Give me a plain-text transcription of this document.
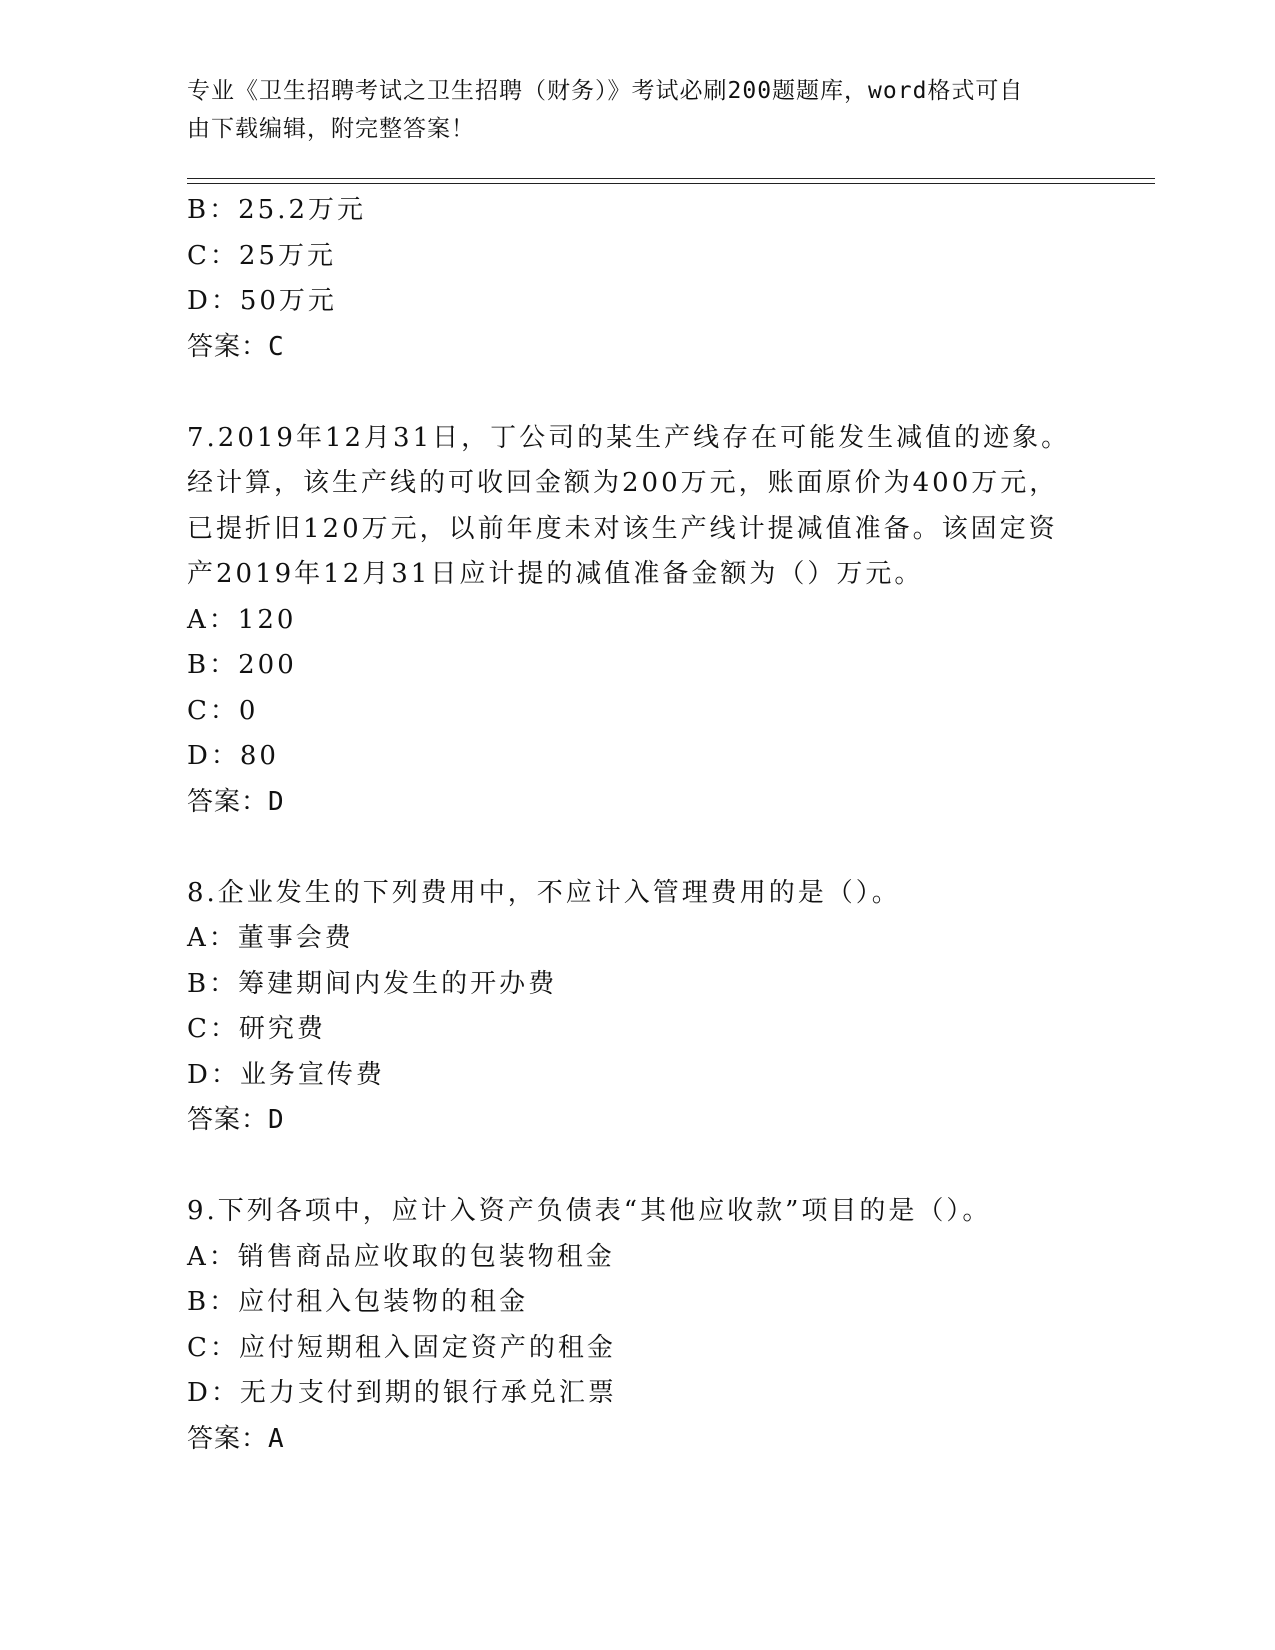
专业《卫生招聘考试之卫生招聘（财务）》考试必刷200题题库，word格式可自
由下载编辑，附完整答案！
B：25.2万元
C：25万元
D：50万元
答案：C
7.2019年12月31日，丁公司的某生产线存在可能发生减值的迹象。
经计算，该生产线的可收回金额为200万元，账面原价为400万元，
已提折旧120万元，以前年度未对该生产线计提减值准备。该固定资
产2019年12月31日应计提的减值准备金额为（）万元。
A：120
B：200
C：0
D：80
答案：D
8.企业发生的下列费用中，不应计入管理费用的是（）。
A：董事会费
B：筹建期间内发生的开办费
C：研究费
D：业务宣传费
答案：D
9.下列各项中，应计入资产负债表“其他应收款”项目的是（）。
A：销售商品应收取的包装物租金
B：应付租入包装物的租金
C：应付短期租入固定资产的租金
D：无力支付到期的银行承兑汇票
答案：A
